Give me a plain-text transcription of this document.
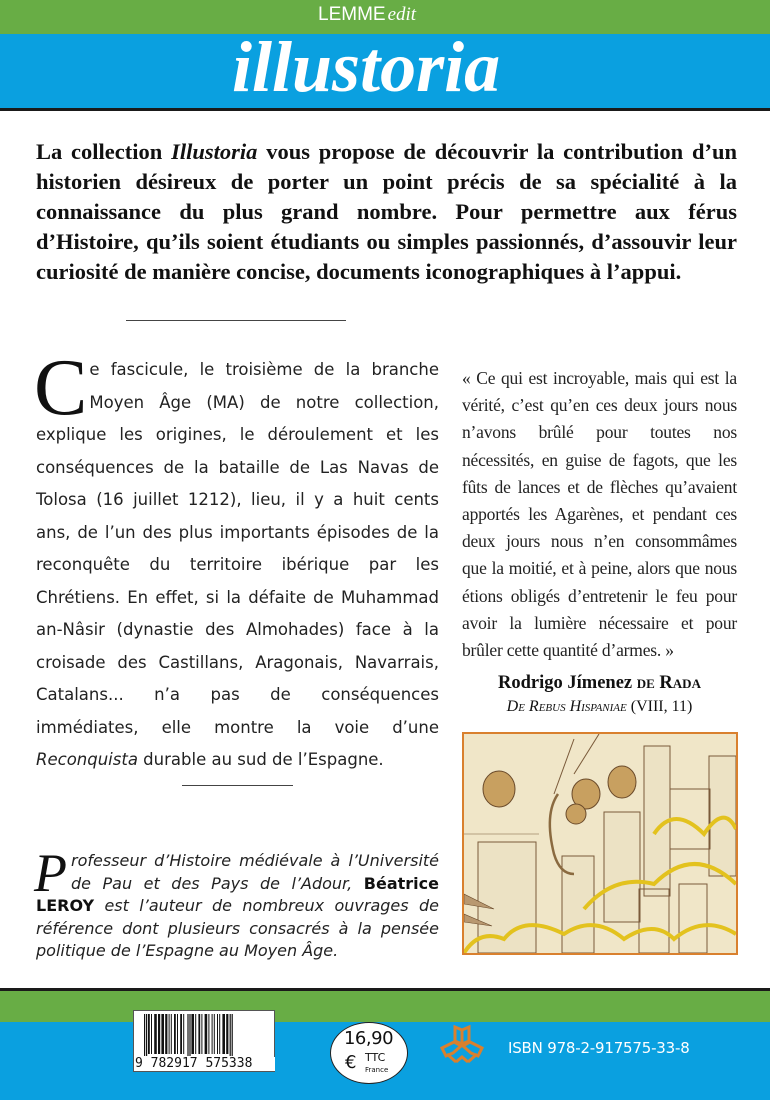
LEMME edit
illustoria

La collection Illustoria vous propose de découvrir la contribution d’un historien désireux de porter un point précis de sa spécialité à la connaissance du plus grand nombre. Pour permettre aux férus d’Histoire, qu’ils soient étudiants ou simples passionnés, d’assouvir leur curiosité de manière concise, documents iconographiques à l’appui.

Ce fascicule, le troisième de la branche Moyen Âge (MA) de notre collection, explique les origines, le déroulement et les conséquences de la bataille de Las Navas de Tolosa (16 juillet 1212), lieu, il y a huit cents ans, de l’un des plus importants épisodes de la reconquête du territoire ibérique par les Chrétiens. En effet, si la défaite de Muhammad an-Nâsir (dynastie des Almohades) face à la croisade des Castillans, Aragonais, Navarrais, Catalans... n’a pas de conséquences immédiates, elle montre la voie d’une Reconquista durable au sud de l’Espagne.

« Ce qui est incroyable, mais qui est la vérité, c’est qu’en ces deux jours nous n’avons brûlé pour toutes nos nécessités, en guise de fagots, que les fûts de lances et de flèches qu’avaient apportés les Agarènes, et pendant ces deux jours nous n’en consommâmes que la moitié, et à peine, alors que nous étions obligés d’entretenir le feu pour avoir la lumière nécessaire et pour brûler cette quantité d’armes. »

Rodrigo Jímenez de Rada
De Rebus Hispaniae (VIII, 11)

Professeur d’Histoire médiévale à l’Université de Pau et des Pays de l’Adour, Béatrice LEROY est l’auteur de nombreux ouvrages de référence dont plusieurs consacrés à la pensée politique de l’Espagne au Moyen Âge.

9 782917 575338
16,90
€ TTC
France
ISBN 978-2-917575-33-8
